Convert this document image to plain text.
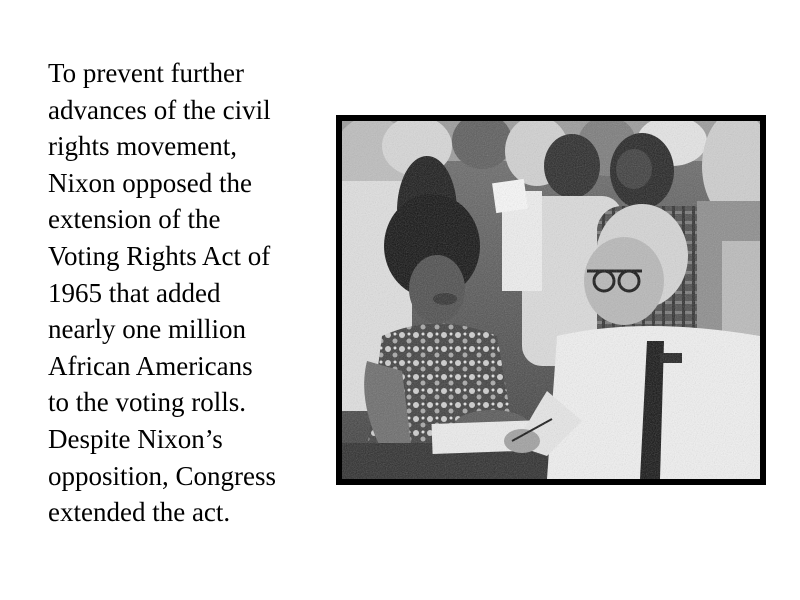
To prevent further
advances of the civil
rights movement,
Nixon opposed the
extension of the
Voting Rights Act of
1965 that added
nearly one million
African Americans
to the voting rolls.
Despite Nixon’s
opposition, Congress
extended the act.
